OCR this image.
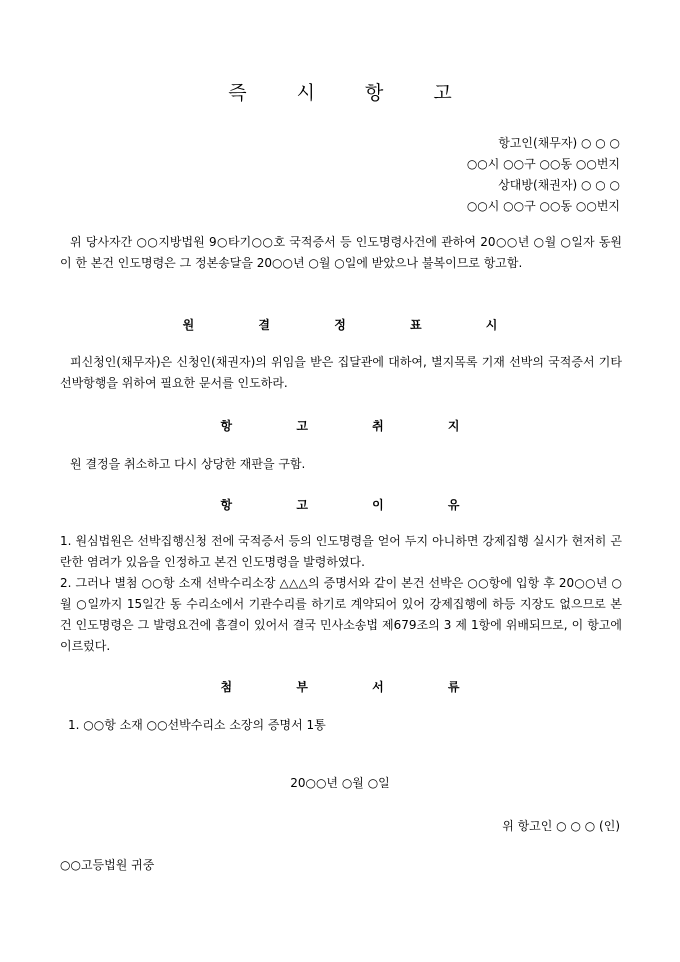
즉 시 항 고
항고인(채무자) ○ ○ ○
○○시 ○○구 ○○동 ○○번지
상대방(채권자) ○ ○ ○
○○시 ○○구 ○○동 ○○번지
위 당사자간 ○○지방법원 9○타기○○호 국적증서 등 인도명령사건에 관하여 20○○년 ○월 ○일자 동원이 한 본건 인도명령은 그 정본송달을 20○○년 ○월 ○일에 받았으나 불복이므로 항고함.
원 결 정 표 시
피신청인(채무자)은 신청인(채권자)의 위임을 받은 집달관에 대하여, 별지목록 기재 선박의 국적증서 기타 선박항행을 위하여 필요한 문서를 인도하라.
항 고 취 지
원 결정을 취소하고 다시 상당한 재판을 구함.
항 고 이 유
1. 원심법원은 선박집행신청 전에 국적증서 등의 인도명령을 얻어 두지 아니하면 강제집행 실시가 현저히 곤란한 염려가 있음을 인정하고 본건 인도명령을 발령하였다.
2. 그러나 별첨 ○○항 소재 선박수리소장 △△△의 증명서와 같이 본건 선박은 ○○항에 입항 후 20○○년 ○월 ○일까지 15일간 동 수리소에서 기관수리를 하기로 계약되어 있어 강제집행에 하등 지장도 없으므로 본건 인도명령은 그 발령요건에 흠결이 있어서 결국 민사소송법 제679조의 3 제 1항에 위배되므로, 이 항고에 이르렀다.
첨 부 서 류
1. ○○항 소재 ○○선박수리소 소장의 증명서 1통
20○○년 ○월 ○일
위 항고인 ○ ○ ○ (인)
○○고등법원 귀중
